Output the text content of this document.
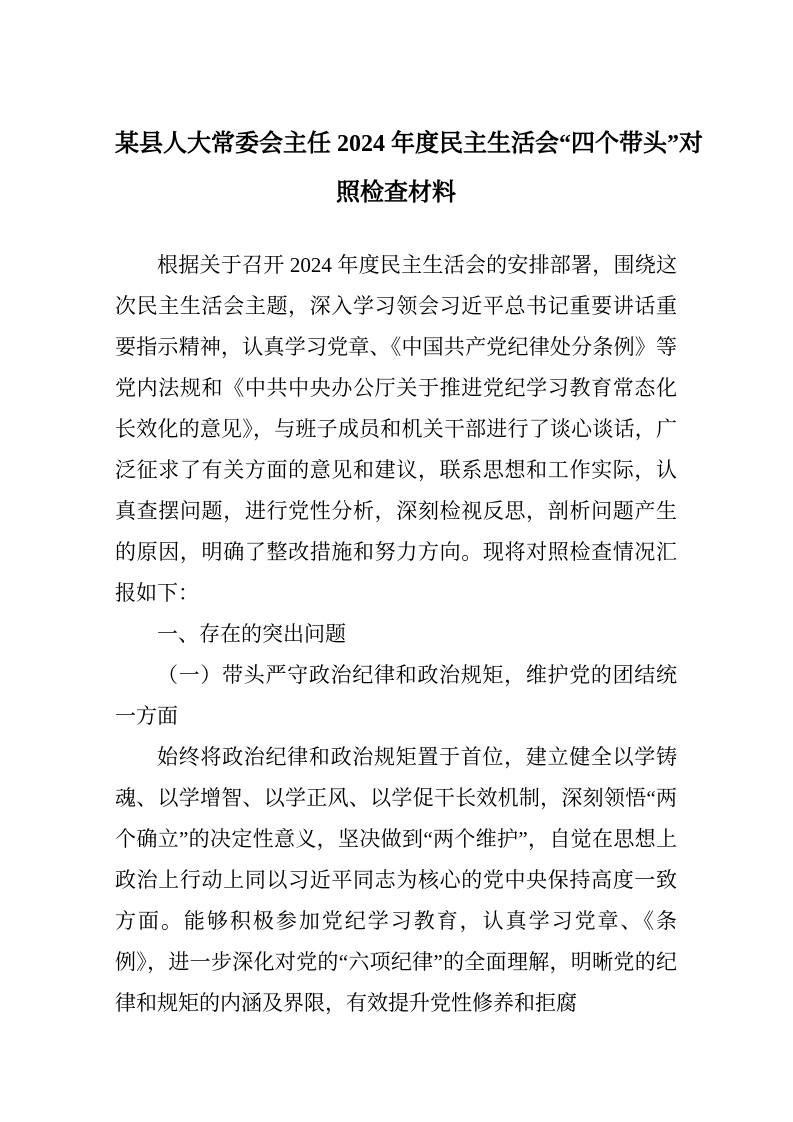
某县人大常委会主任 2024 年度民主生活会“四个带头”对
照检查材料

根据关于召开 2024 年度民主生活会的安排部署，围绕这次民主生活会主题，深入学习领会习近平总书记重要讲话重要指示精神，认真学习党章、《中国共产党纪律处分条例》等党内法规和《中共中央办公厅关于推进党纪学习教育常态化长效化的意见》，与班子成员和机关干部进行了谈心谈话，广泛征求了有关方面的意见和建议，联系思想和工作实际，认真查摆问题，进行党性分析，深刻检视反思，剖析问题产生的原因，明确了整改措施和努力方向。现将对照检查情况汇报如下：

一、存在的突出问题

（一）带头严守政治纪律和政治规矩，维护党的团结统一方面

始终将政治纪律和政治规矩置于首位，建立健全以学铸魂、以学增智、以学正风、以学促干长效机制，深刻领悟“两个确立”的决定性意义，坚决做到“两个维护”，自觉在思想上政治上行动上同以习近平同志为核心的党中央保持高度一致方面。能够积极参加党纪学习教育，认真学习党章、《条例》，进一步深化对党的“六项纪律”的全面理解，明晰党的纪律和规矩的内涵及界限，有效提升党性修养和拒腐
